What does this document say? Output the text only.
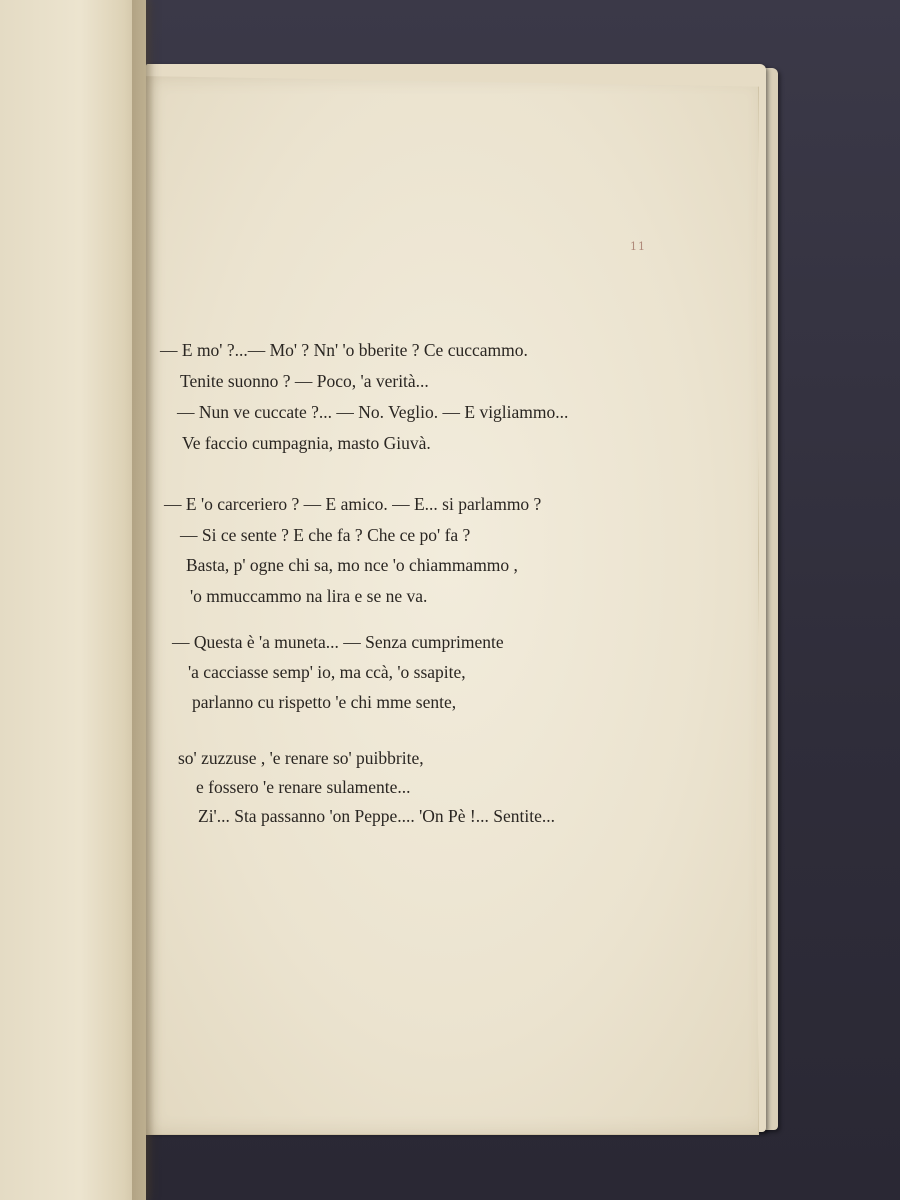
11
— E mo' ?...— Mo' ? Nn' 'o bberite ? Ce cuccammo.
Tenite suonno ? — Poco, 'a verità...
— Nun ve cuccate ?... — No. Veglio. — E vigliammo...
Ve faccio cumpagnia, masto Giuvà.
— E 'o carceriero ? — E amico. — E... si parlammo ?
— Si ce sente ? E che fa ? Che ce po' fa ?
Basta, p' ogne chi sa, mo nce 'o chiammammo ,
'o mmuccammo na lira e se ne va.
— Questa è 'a muneta... — Senza cumprimente
'a cacciasse semp' io, ma ccà, 'o ssapite,
parlanno cu rispetto 'e chi mme sente,
so' zuzzuse , 'e renare so' puibbrite,
e fossero 'e renare sulamente...
Zi'... Sta passanno 'on Peppe.... 'On Pè !... Sentite...
